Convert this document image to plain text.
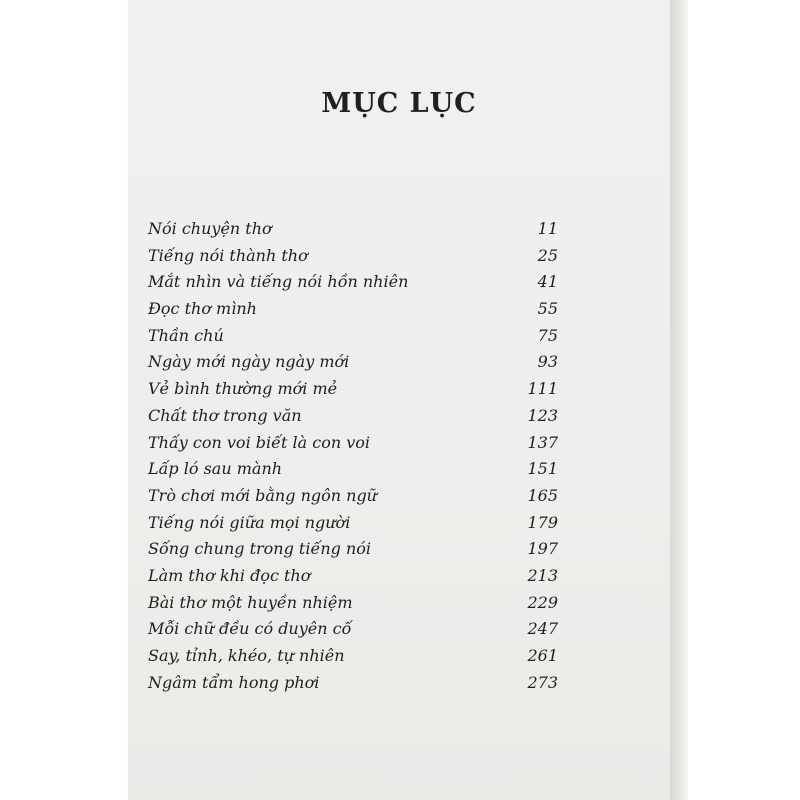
MỤC LỤC
Nói chuyện thơ	11
Tiếng nói thành thơ	25
Mắt nhìn và tiếng nói hồn nhiên	41
Đọc thơ mình	55
Thần chú	75
Ngày mới ngày ngày mới	93
Vẻ bình thường mới mẻ	111
Chất thơ trong văn	123
Thấy con voi biết là con voi	137
Lấp ló sau mành	151
Trò chơi mới bằng ngôn ngữ	165
Tiếng nói giữa mọi người	179
Sống chung trong tiếng nói	197
Làm thơ khi đọc thơ	213
Bài thơ một huyền nhiệm	229
Mỗi chữ đều có duyên cố	247
Say, tỉnh, khéo, tự nhiên	261
Ngâm tẩm hong phơi	273
